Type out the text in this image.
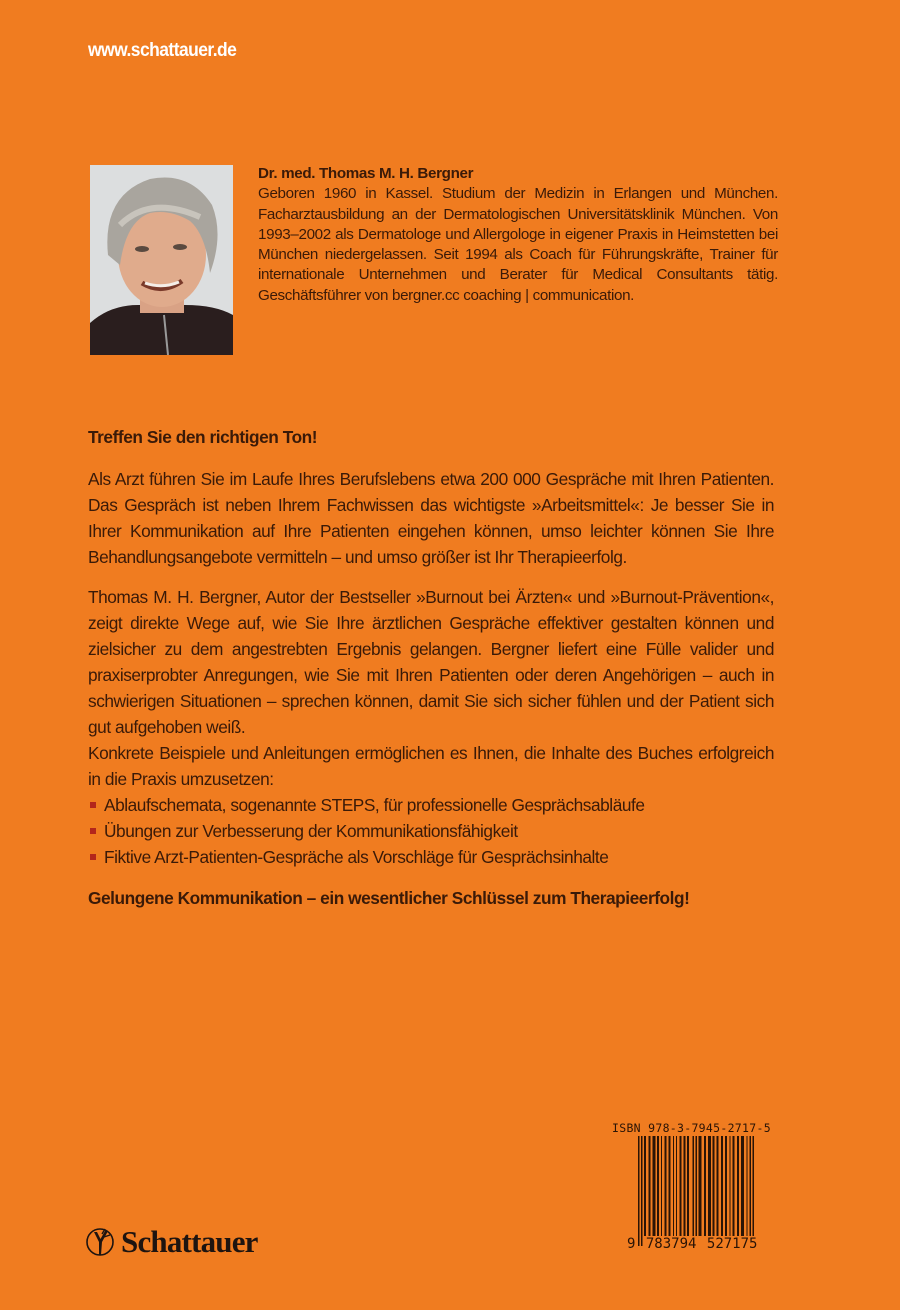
www.schattauer.de
Dr. med. Thomas M. H. Bergner
Geboren 1960 in Kassel. Studium der Medizin in Erlangen und München. Facharztausbildung an der Dermatologischen Universitätsklinik München. Von 1993–2002 als Dermatologe und Allergologe in eigener Praxis in Heimstetten bei München niedergelassen. Seit 1994 als Coach für Führungskräfte, Trainer für internationale Unternehmen und Berater für Medical Consultants tätig. Geschäftsführer von bergner.cc coaching | communication.
Treffen Sie den richtigen Ton!

Als Arzt führen Sie im Laufe Ihres Berufslebens etwa 200 000 Gespräche mit Ihren Patienten. Das Gespräch ist neben Ihrem Fachwissen das wichtigste »Arbeitsmittel«: Je besser Sie in Ihrer Kommunikation auf Ihre Patienten eingehen können, umso leichter können Sie Ihre Behandlungsangebote vermitteln – und umso größer ist Ihr Therapieerfolg.

Thomas M. H. Bergner, Autor der Bestseller »Burnout bei Ärzten« und »Burnout-Prävention«, zeigt direkte Wege auf, wie Sie Ihre ärztlichen Gespräche effektiver gestalten können und zielsicher zu dem angestrebten Ergebnis gelangen. Bergner liefert eine Fülle valider und praxiserprobter Anregungen, wie Sie mit Ihren Patienten oder deren Angehörigen – auch in schwierigen Situationen – sprechen können, damit Sie sich sicher fühlen und der Patient sich gut aufgehoben weiß.

Konkrete Beispiele und Anleitungen ermöglichen es Ihnen, die Inhalte des Buches erfolgreich in die Praxis umzusetzen:

Ablaufschemata, sogenannte STEPS, für professionelle Gesprächsabläufe
Übungen zur Verbesserung der Kommunikationsfähigkeit
Fiktive Arzt-Patienten-Gespräche als Vorschläge für Gesprächsinhalte

Gelungene Kommunikation – ein wesentlicher Schlüssel zum Therapieerfolg!

ISBN 978-3-7945-2717-5
9 783794 527175
Schattauer
